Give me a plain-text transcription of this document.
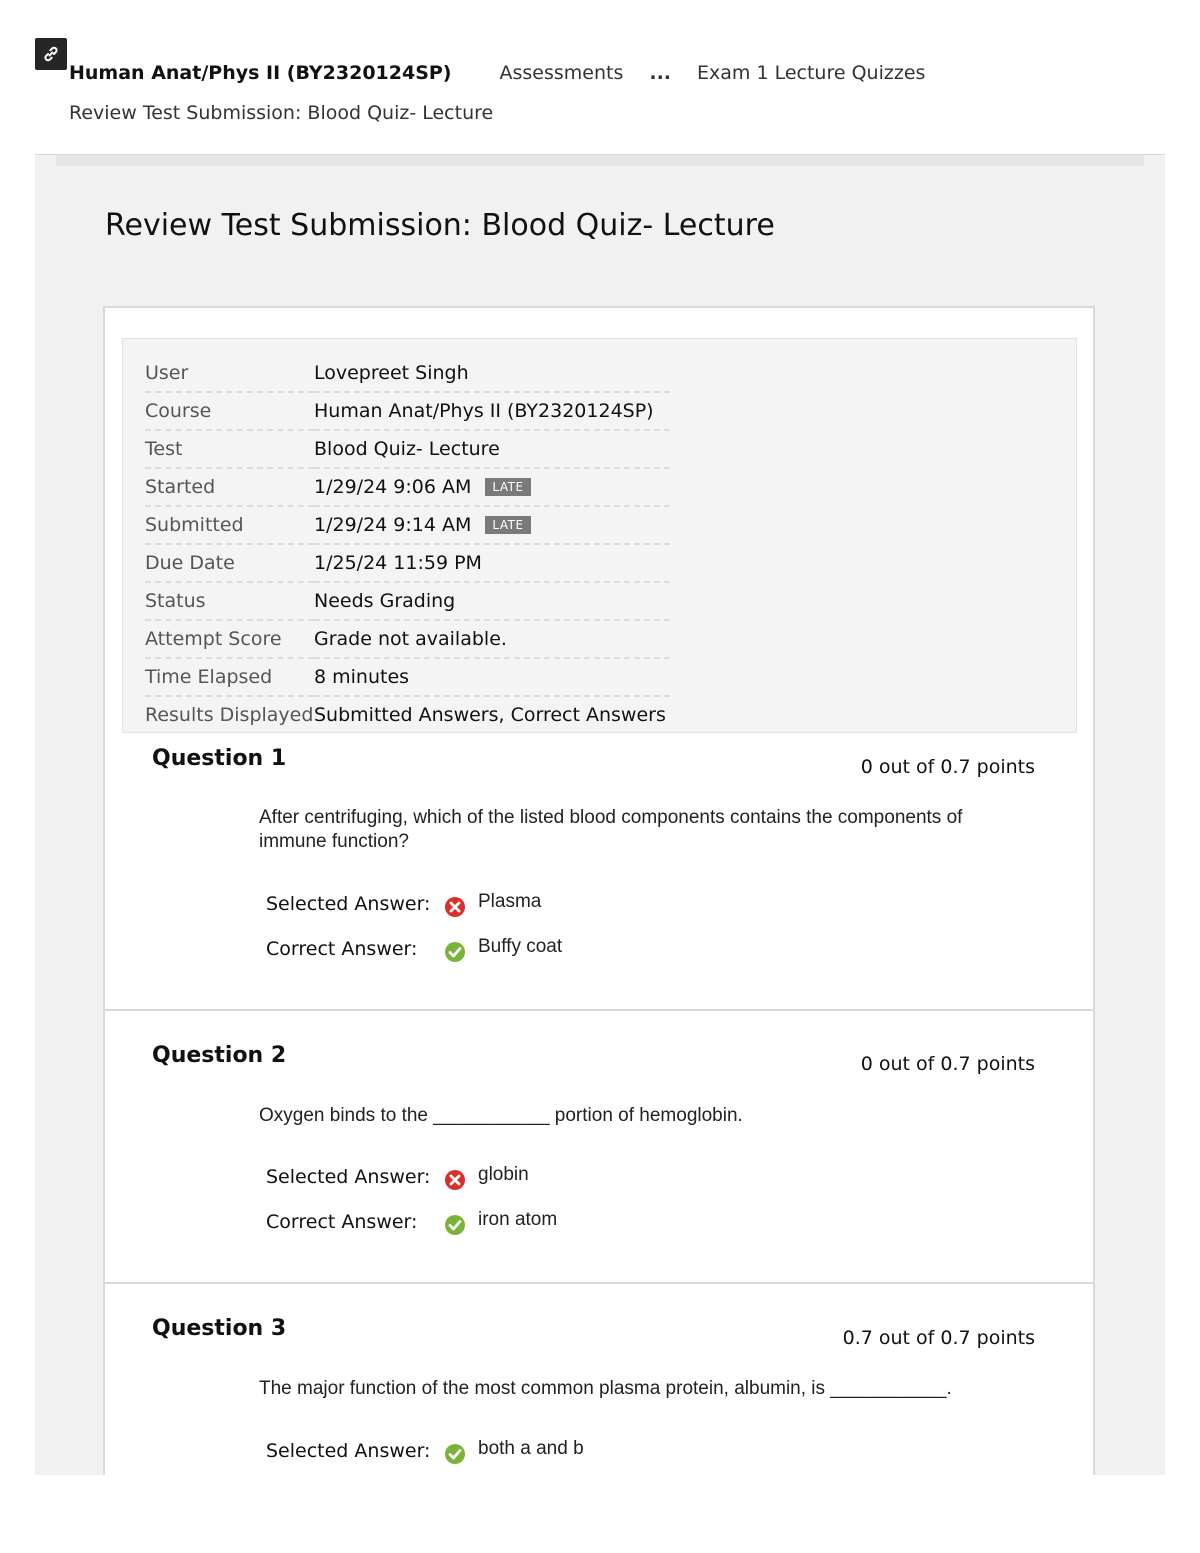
Human Anat/Phys II (BY2320124SP)	Assessments ... Exam 1 Lecture Quizzes
Review Test Submission: Blood Quiz- Lecture
Review Test Submission: Blood Quiz- Lecture
User	Lovepreet Singh
Course	Human Anat/Phys II (BY2320124SP)
Test	Blood Quiz- Lecture
Started	1/29/24 9:06 AM LATE
Submitted	1/29/24 9:14 AM LATE
Due Date	1/25/24 11:59 PM
Status	Needs Grading
Attempt Score	Grade not available.
Time Elapsed	8 minutes
Results Displayed	Submitted Answers, Correct Answers
Question 1	0 out of 0.7 points
After centrifuging, which of the listed blood components contains the components of immune function?
Selected Answer:	Plasma
Correct Answer:	Buffy coat
Question 2	0 out of 0.7 points
Oxygen binds to the ___________ portion of hemoglobin.
Selected Answer:	globin
Correct Answer:	iron atom
Question 3	0.7 out of 0.7 points
The major function of the most common plasma protein, albumin, is ___________.
Selected Answer:	both a and b
